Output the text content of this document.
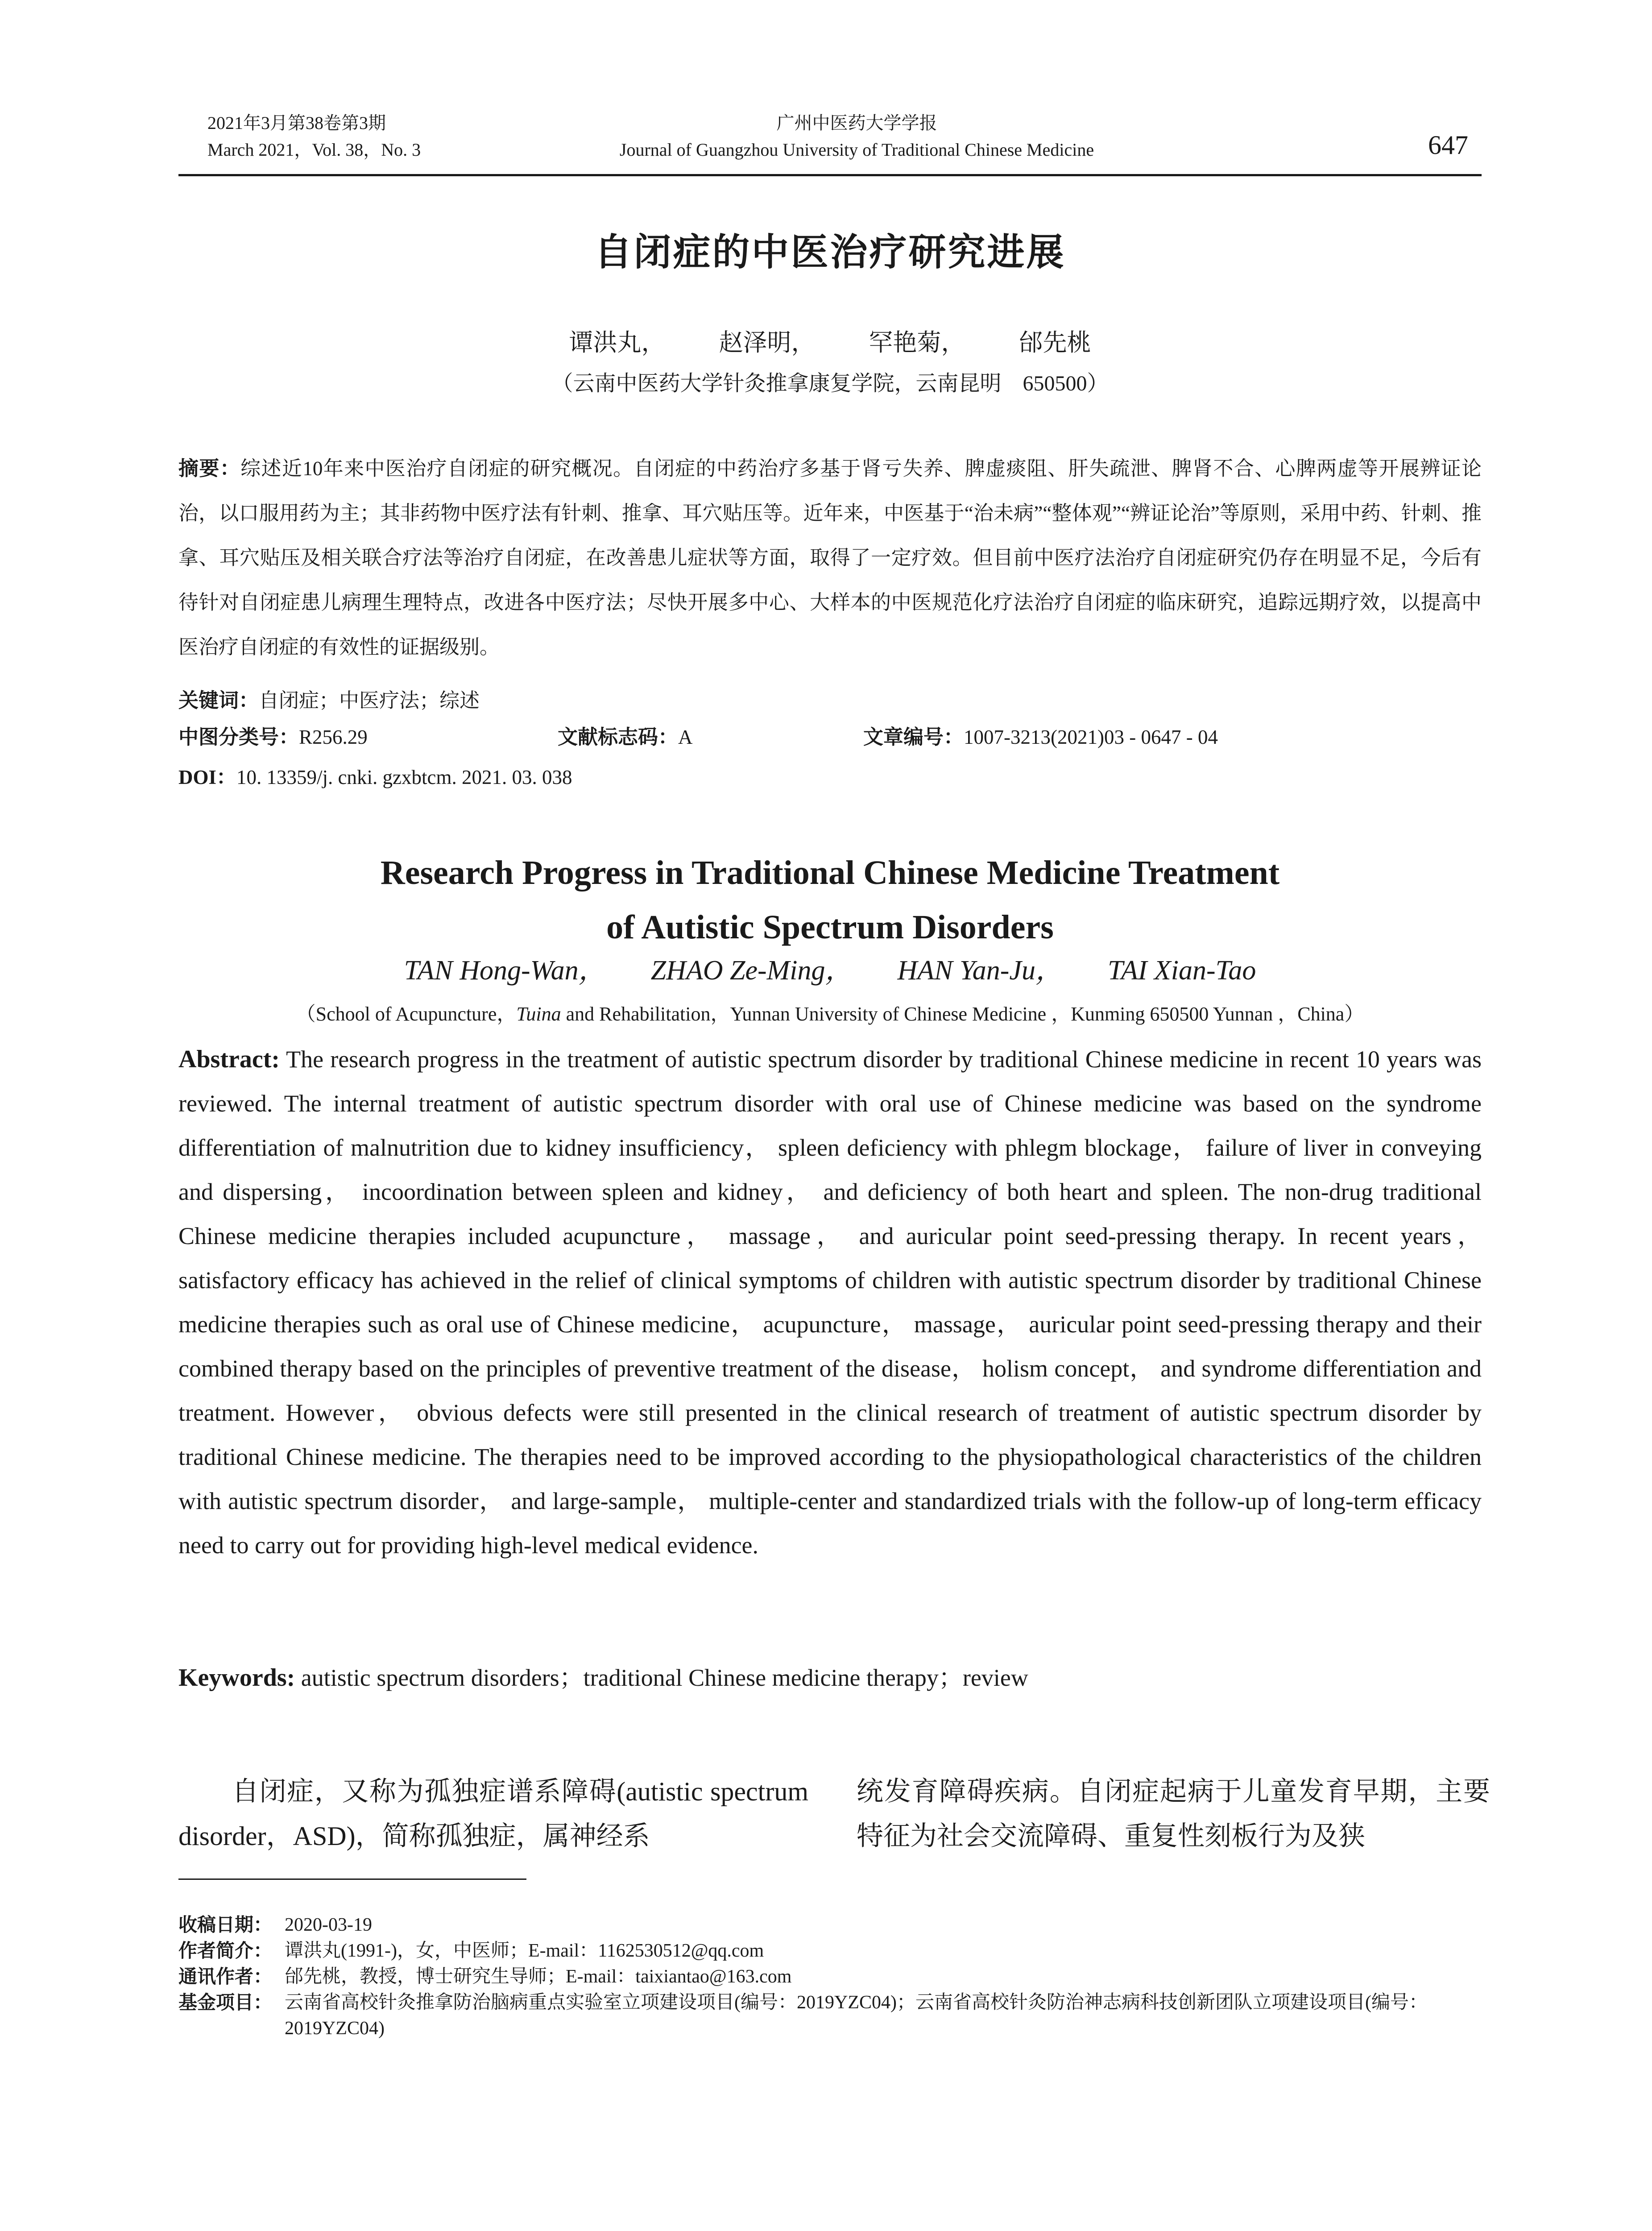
2021年3月第38卷第3期
March 2021，Vol. 38，No. 3
广州中医药大学学报
Journal of Guangzhou University of Traditional Chinese Medicine	647
自闭症的中医治疗研究进展
谭洪丸， 赵泽明， 罕艳菊， 邰先桃
（云南中医药大学针灸推拿康复学院，云南昆明　650500）
摘要：综述近10年来中医治疗自闭症的研究概况。自闭症的中药治疗多基于肾亏失养、脾虚痰阻、肝失疏泄、脾肾不合、心脾两虚等开展辨证论治，以口服用药为主；其非药物中医疗法有针刺、推拿、耳穴贴压等。近年来，中医基于“治未病”“整体观”“辨证论治”等原则，采用中药、针刺、推拿、耳穴贴压及相关联合疗法等治疗自闭症，在改善患儿症状等方面，取得了一定疗效。但目前中医疗法治疗自闭症研究仍存在明显不足，今后有待针对自闭症患儿病理生理特点，改进各中医疗法；尽快开展多中心、大样本的中医规范化疗法治疗自闭症的临床研究，追踪远期疗效，以提高中医治疗自闭症的有效性的证据级别。
关键词：自闭症；中医疗法；综述
中图分类号：R256.29	文献标志码：A	文章编号：1007-3213(2021)03 - 0647 - 04
DOI：10. 13359/j. cnki. gzxbtcm. 2021. 03. 038
Research Progress in Traditional Chinese Medicine Treatment
of Autistic Spectrum Disorders
TAN Hong-Wan， ZHAO Ze-Ming， HAN Yan-Ju， TAI Xian-Tao
（School of Acupuncture，Tuina and Rehabilitation，Yunnan University of Chinese Medicine ，Kunming 650500 Yunnan ，China）
Abstract: The research progress in the treatment of autistic spectrum disorder by traditional Chinese medicine in recent 10 years was reviewed. The internal treatment of autistic spectrum disorder with oral use of Chinese medicine was based on the syndrome differentiation of malnutrition due to kidney insufficiency， spleen deficiency with phlegm blockage， failure of liver in conveying and dispersing， incoordination between spleen and kidney， and deficiency of both heart and spleen. The non-drug traditional Chinese medicine therapies included acupuncture， massage， and auricular point seed-pressing therapy. In recent years， satisfactory efficacy has achieved in the relief of clinical symptoms of children with autistic spectrum disorder by traditional Chinese medicine therapies such as oral use of Chinese medicine， acupuncture， massage， auricular point seed-pressing therapy and their combined therapy based on the principles of preventive treatment of the disease， holism concept， and syndrome differentiation and treatment. However， obvious defects were still presented in the clinical research of treatment of autistic spectrum disorder by traditional Chinese medicine. The therapies need to be improved according to the physiopathological characteristics of the children with autistic spectrum disorder， and large-sample， multiple-center and standardized trials with the follow-up of long-term efficacy need to carry out for providing high-level medical evidence.
Keywords: autistic spectrum disorders；traditional Chinese medicine therapy；review
自闭症，又称为孤独症谱系障碍(autistic spectrum disorder，ASD)，简称孤独症，属神经系
统发育障碍疾病。自闭症起病于儿童发育早期，主要特征为社会交流障碍、重复性刻板行为及狭
收稿日期： 2020-03-19
作者简介： 谭洪丸(1991-)，女，中医师；E-mail：1162530512@qq.com
通讯作者： 邰先桃，教授，博士研究生导师；E-mail：taixiantao@163.com
基金项目： 云南省高校针灸推拿防治脑病重点实验室立项建设项目(编号：2019YZC04)；云南省高校针灸防治神志病科技创新团队立项建设项目(编号：2019YZC04)
